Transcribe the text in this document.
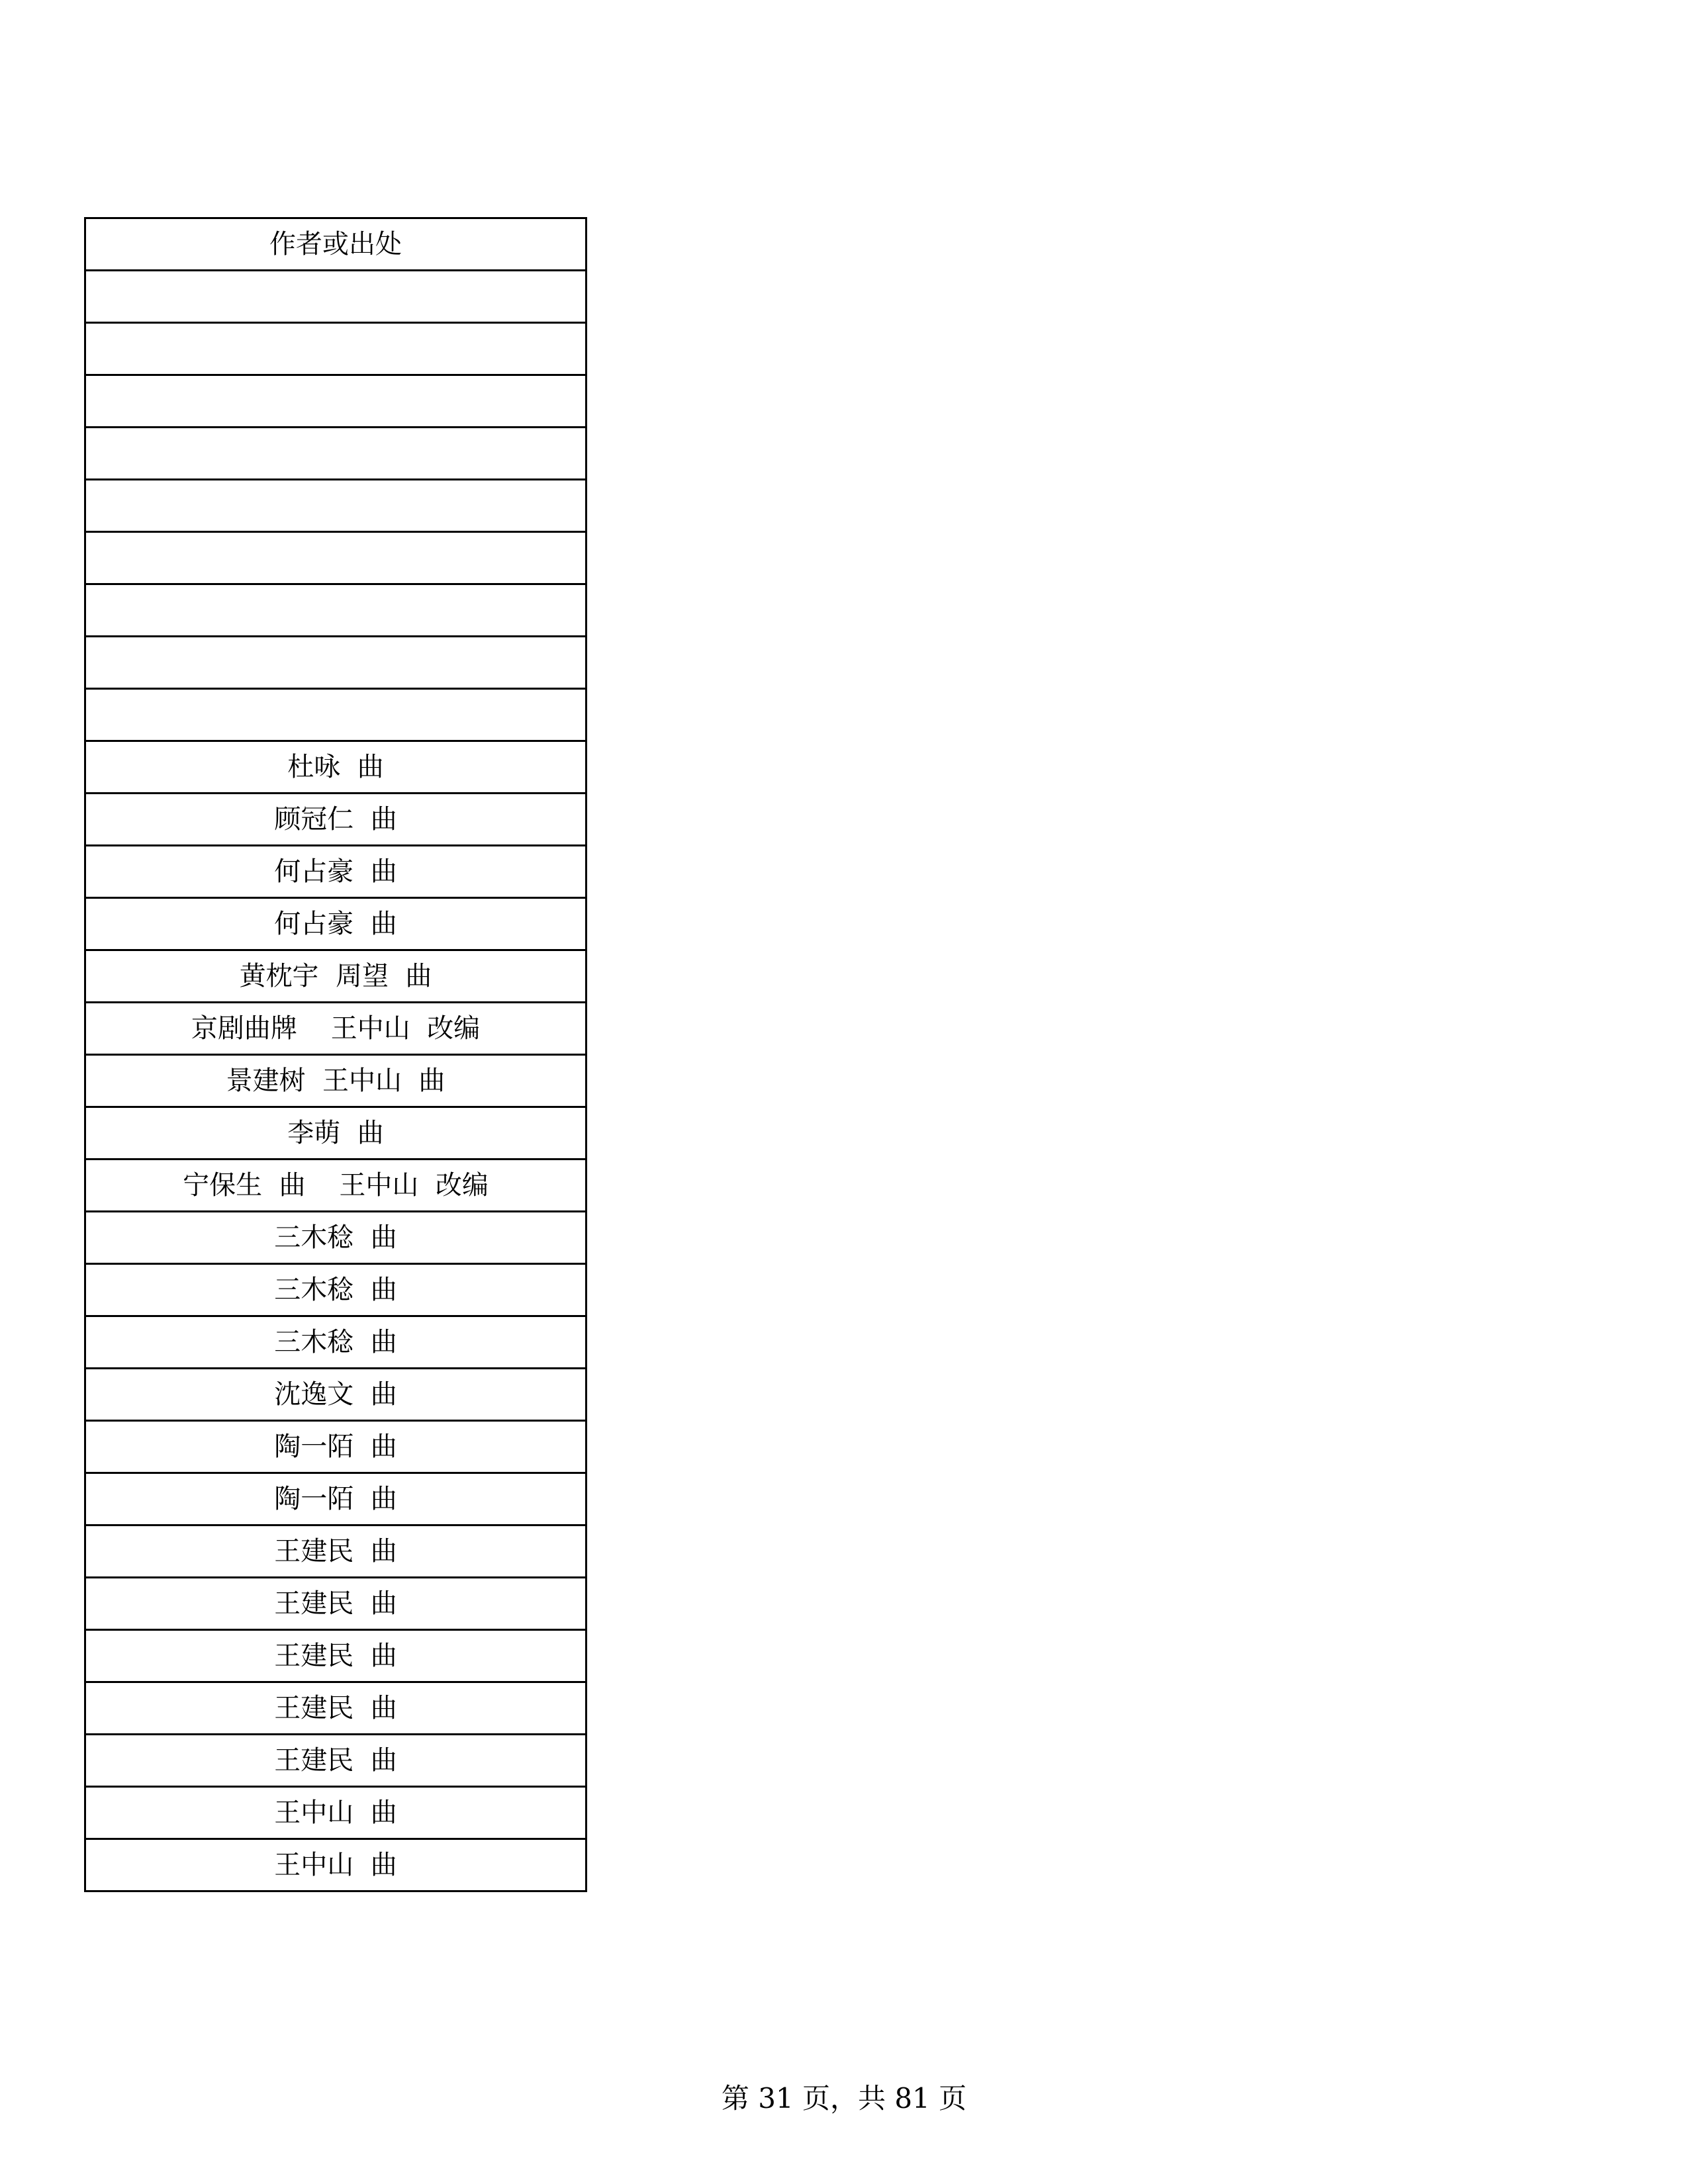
作者或出处

杜咏  曲
顾冠仁  曲
何占豪  曲
何占豪  曲
黄枕宇  周望  曲
京剧曲牌    王中山  改编
景建树  王中山  曲
李萌  曲
宁保生  曲    王中山  改编
三木稔  曲
三木稔  曲
三木稔  曲
沈逸文  曲
陶一陌  曲
陶一陌  曲
王建民  曲
王建民  曲
王建民  曲
王建民  曲
王建民  曲
王中山  曲
王中山  曲
第 31 页，共 81 页
